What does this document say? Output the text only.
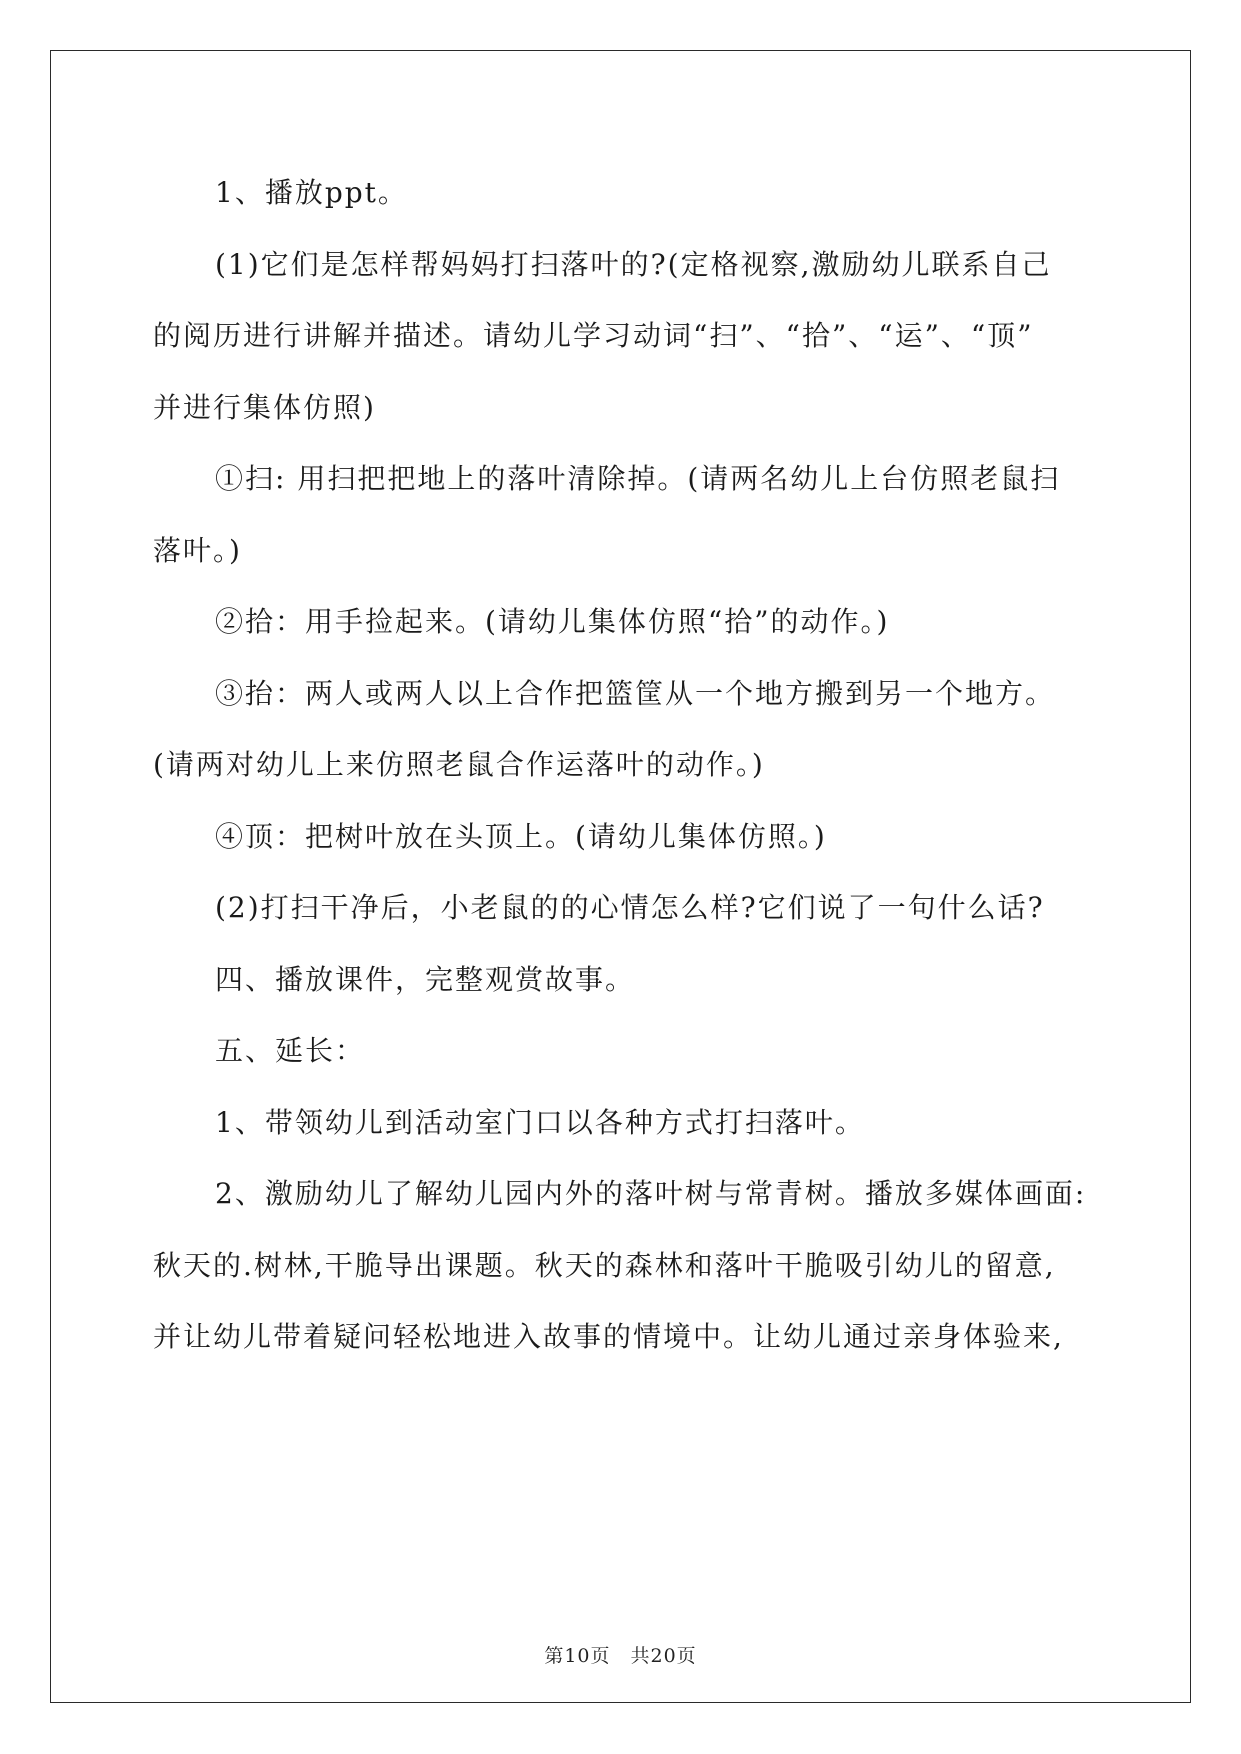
1、播放ppt。

(1)它们是怎样帮妈妈打扫落叶的?(定格视察,激励幼儿联系自己

的阅历进行讲解并描述。请幼儿学习动词“扫”、“拾”、“运”、“顶”

并进行集体仿照)

①扫: 用扫把把地上的落叶清除掉。(请两名幼儿上台仿照老鼠扫

落叶。)

②拾：用手捡起来。(请幼儿集体仿照“拾”的动作。)

③抬：两人或两人以上合作把篮筐从一个地方搬到另一个地方。

(请两对幼儿上来仿照老鼠合作运落叶的动作。)

④顶：把树叶放在头顶上。(请幼儿集体仿照。)

(2)打扫干净后，小老鼠的的心情怎么样?它们说了一句什么话?

四、播放课件，完整观赏故事。

五、延长：

1、带领幼儿到活动室门口以各种方式打扫落叶。

2、激励幼儿了解幼儿园内外的落叶树与常青树。播放多媒体画面:

秋天的.树林,干脆导出课题。秋天的森林和落叶干脆吸引幼儿的留意,

并让幼儿带着疑问轻松地进入故事的情境中。让幼儿通过亲身体验来,

第10页　共20页
